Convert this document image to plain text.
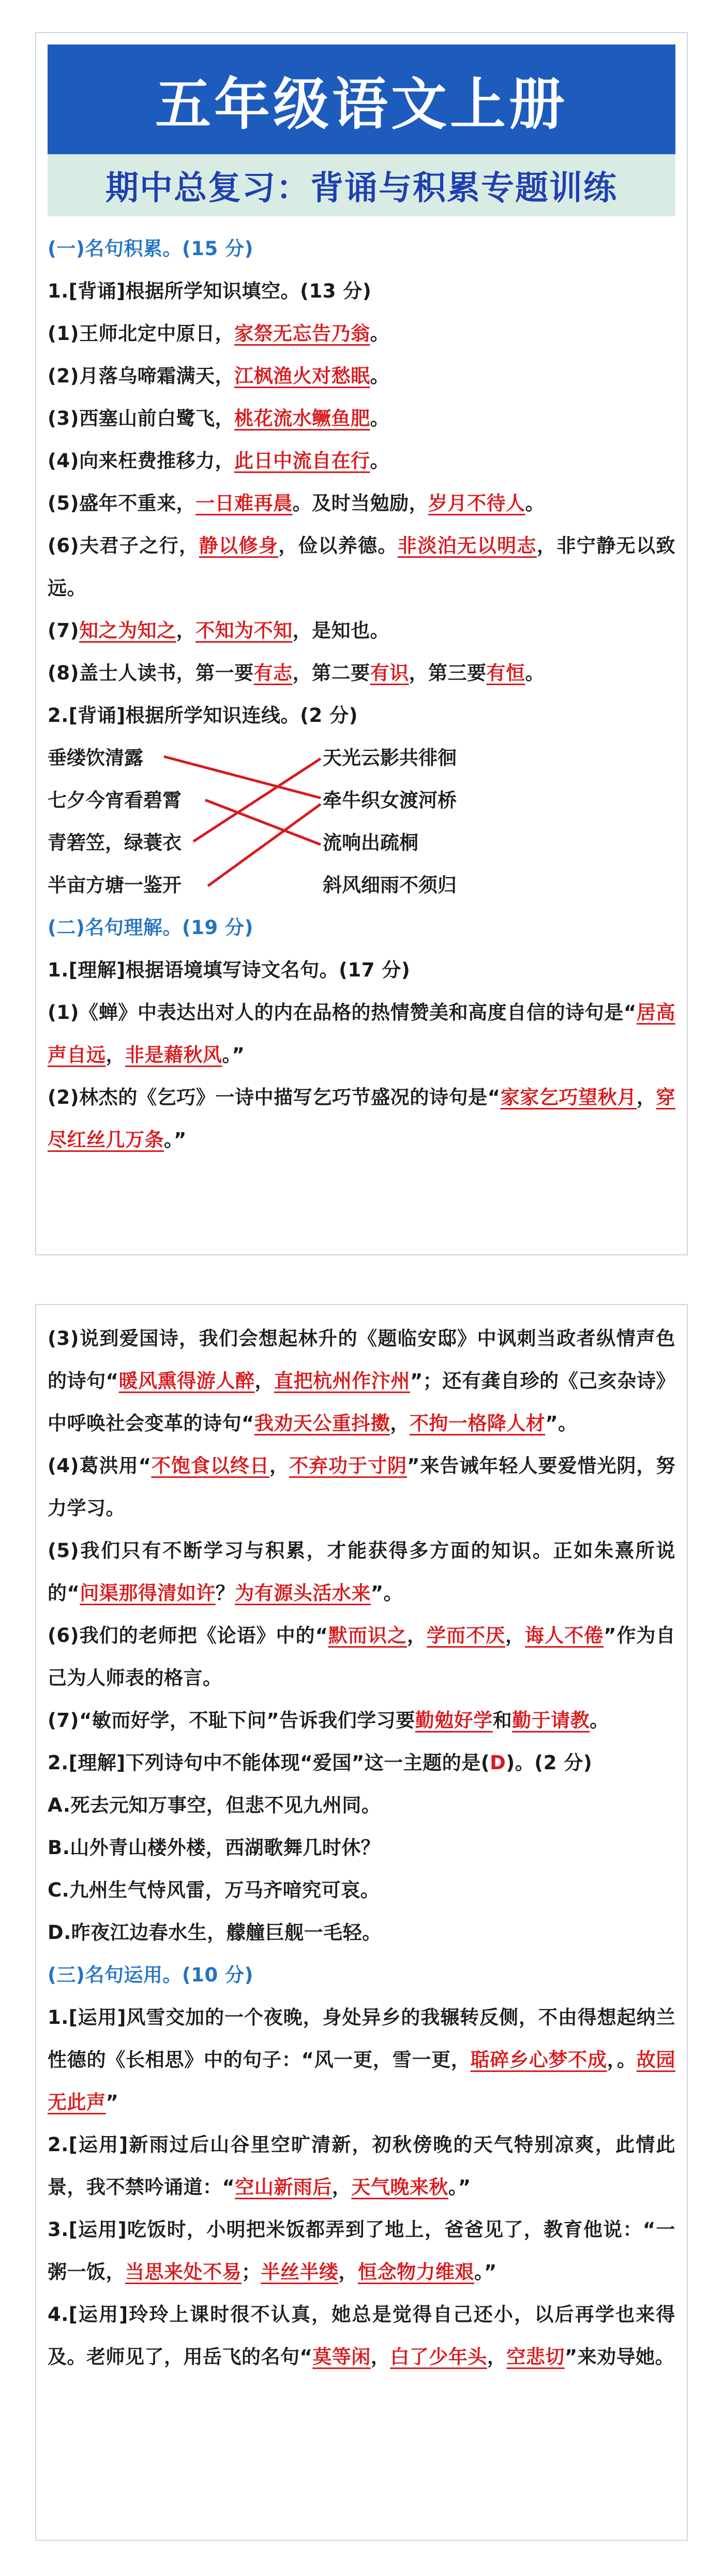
五年级语文上册
期中总复习：背诵与积累专题训练
(一)名句积累。(15 分)
1.[背诵]根据所学知识填空。(13 分)
(1)王师北定中原日，家祭无忘告乃翁。
(2)月落乌啼霜满天，江枫渔火对愁眠。
(3)西塞山前白鹭飞，桃花流水鳜鱼肥。
(4)向来枉费推移力，此日中流自在行。
(5)盛年不重来，一日难再晨。及时当勉励，岁月不待人。
(6)夫君子之行，静以修身，俭以养德。非淡泊无以明志，非宁静无以致远。
(7)知之为知之，不知为不知，是知也。
(8)盖士人读书，第一要有志，第二要有识，第三要有恒。
2.[背诵]根据所学知识连线。(2 分)
垂缕饮清露
七夕今宵看碧霄
青箬笠，绿蓑衣
半亩方塘一鉴开
天光云影共徘徊
牵牛织女渡河桥
流响出疏桐
斜风细雨不须归
(二)名句理解。(19 分)
1.[理解]根据语境填写诗文名句。(17 分)
(1)《蝉》中表达出对人的内在品格的热情赞美和高度自信的诗句是“居高声自远，非是藉秋风。”
(2)林杰的《乞巧》一诗中描写乞巧节盛况的诗句是“家家乞巧望秋月，穿尽红丝几万条。”
(3)说到爱国诗，我们会想起林升的《题临安邸》中讽刺当政者纵情声色的诗句“暖风熏得游人醉，直把杭州作汴州”；还有龚自珍的《己亥杂诗》中呼唤社会变革的诗句“我劝天公重抖擞，不拘一格降人材”。
(4)葛洪用“不饱食以终日，不弃功于寸阴”来告诫年轻人要爱惜光阴，努力学习。
(5)我们只有不断学习与积累，才能获得多方面的知识。正如朱熹所说的“问渠那得清如许？为有源头活水来”。
(6)我们的老师把《论语》中的“默而识之，学而不厌，诲人不倦”作为自己为人师表的格言。
(7)“敏而好学，不耻下问”告诉我们学习要勤勉好学和勤于请教。
2.[理解]下列诗句中不能体现“爱国”这一主题的是(D)。(2 分)
A.死去元知万事空，但悲不见九州同。
B.山外青山楼外楼，西湖歌舞几时休？
C.九州生气恃风雷，万马齐喑究可哀。
D.昨夜江边春水生，艨艟巨舰一毛轻。
(三)名句运用。(10 分)
1.[运用]风雪交加的一个夜晚，身处异乡的我辗转反侧，不由得想起纳兰性德的《长相思》中的句子：“风一更，雪一更，聒碎乡心梦不成，。故园无此声”
2.[运用]新雨过后山谷里空旷清新，初秋傍晚的天气特别凉爽，此情此景，我不禁吟诵道：“空山新雨后，天气晚来秋。”
3.[运用]吃饭时，小明把米饭都弄到了地上，爸爸见了，教育他说：“一粥一饭，当思来处不易；半丝半缕，恒念物力维艰。”
4.[运用]玲玲上课时很不认真，她总是觉得自己还小，以后再学也来得及。老师见了，用岳飞的名句“莫等闲，白了少年头，空悲切”来劝导她。
